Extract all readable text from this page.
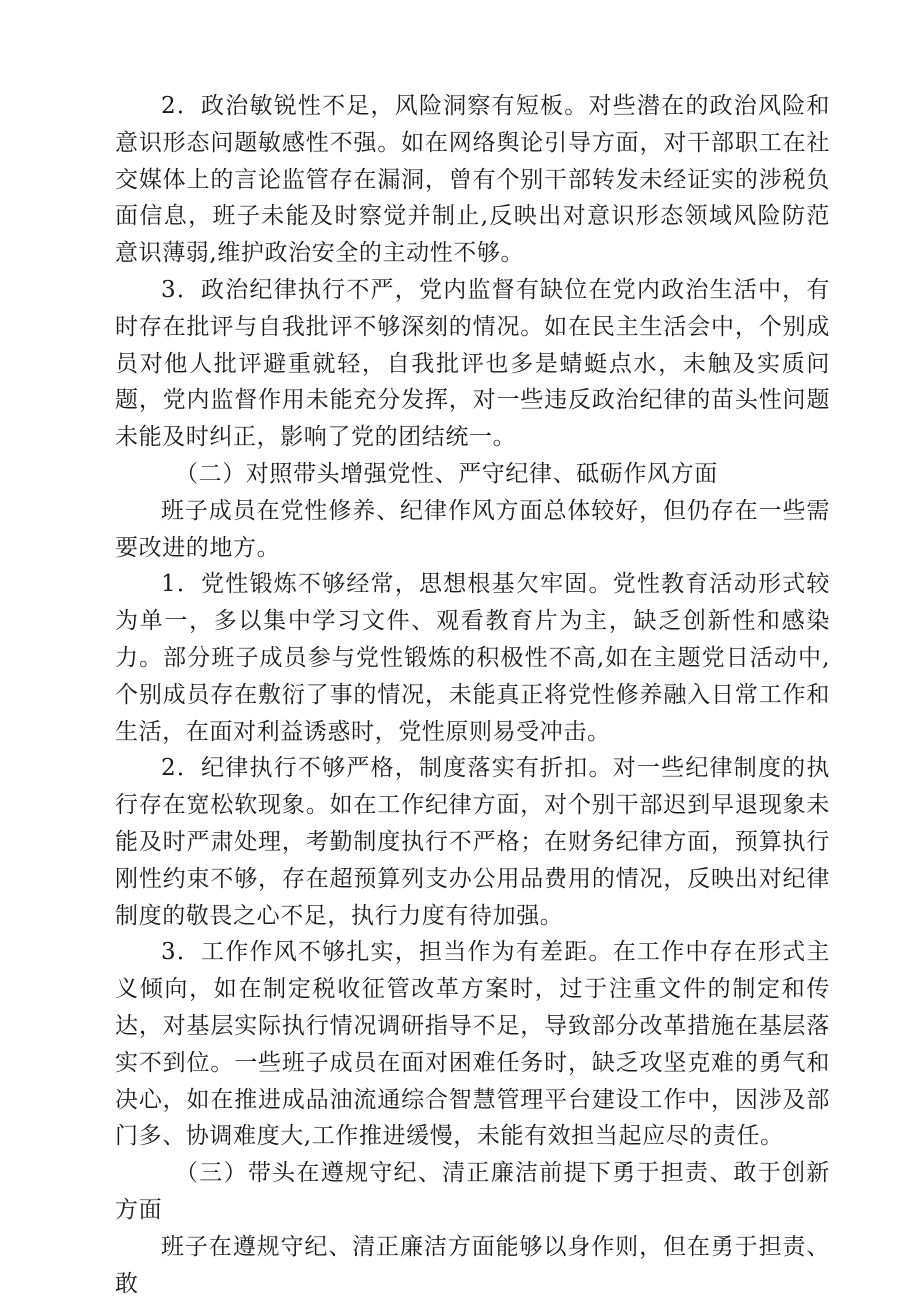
2．政治敏锐性不足，风险洞察有短板。对些潜在的政治风险和意识形态问题敏感性不强。如在网络舆论引导方面，对干部职工在社交媒体上的言论监管存在漏洞，曾有个别干部转发未经证实的涉税负面信息，班子未能及时察觉并制止,反映出对意识形态领域风险防范意识薄弱,维护政治安全的主动性不够。

3．政治纪律执行不严，党内监督有缺位在党内政治生活中，有时存在批评与自我批评不够深刻的情况。如在民主生活会中，个别成员对他人批评避重就轻，自我批评也多是蜻蜓点水，未触及实质问题，党内监督作用未能充分发挥，对一些违反政治纪律的苗头性问题未能及时纠正，影响了党的团结统一。

（二）对照带头增强党性、严守纪律、砥砺作风方面

班子成员在党性修养、纪律作风方面总体较好，但仍存在一些需要改进的地方。

1．党性锻炼不够经常，思想根基欠牢固。党性教育活动形式较为单一，多以集中学习文件、观看教育片为主，缺乏创新性和感染力。部分班子成员参与党性锻炼的积极性不高,如在主题党日活动中,个别成员存在敷衍了事的情况，未能真正将党性修养融入日常工作和生活，在面对利益诱惑时，党性原则易受冲击。

2．纪律执行不够严格，制度落实有折扣。对一些纪律制度的执行存在宽松软现象。如在工作纪律方面，对个别干部迟到早退现象未能及时严肃处理，考勤制度执行不严格；在财务纪律方面，预算执行刚性约束不够，存在超预算列支办公用品费用的情况，反映出对纪律制度的敬畏之心不足，执行力度有待加强。

3．工作作风不够扎实，担当作为有差距。在工作中存在形式主义倾向，如在制定税收征管改革方案时，过于注重文件的制定和传达，对基层实际执行情况调研指导不足，导致部分改革措施在基层落实不到位。一些班子成员在面对困难任务时，缺乏攻坚克难的勇气和决心，如在推进成品油流通综合智慧管理平台建设工作中，因涉及部门多、协调难度大,工作推进缓慢，未能有效担当起应尽的责任。

（三）带头在遵规守纪、清正廉洁前提下勇于担责、敢于创新方面

班子在遵规守纪、清正廉洁方面能够以身作则，但在勇于担责、敢
